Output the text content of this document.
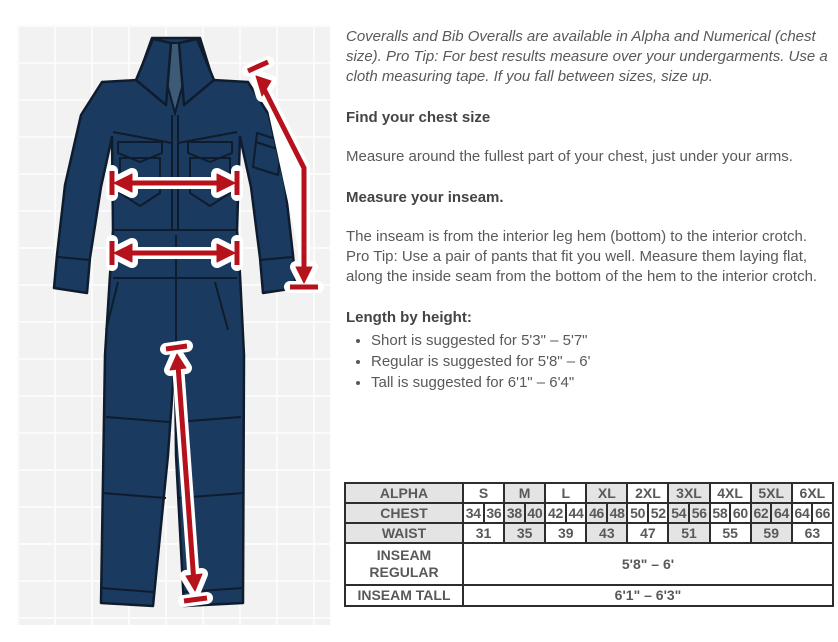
Coveralls and Bib Overalls are available in Alpha and Numerical (chest size). Pro Tip: For best results measure over your undergarments. Use a cloth measuring tape. If you fall between sizes, size up.

Find your chest size

Measure around the fullest part of your chest, just under your arms.

Measure your inseam.

The inseam is from the interior leg hem (bottom) to the interior crotch. Pro Tip: Use a pair of pants that fit you well. Measure them laying flat, along the inside seam from the bottom of the hem to the interior crotch.

Length by height:

• Short is suggested for 5'3" – 5'7"
• Regular is suggested for 5'8" – 6'
• Tall is suggested for 6'1" – 6'4"
ALPHA	S		M		L		XL		2XL		3XL		4XL		5XL		6XL	
CHEST	34	36	38	40	42	44	46	48	50	52	54	56	58	60	62	64	64	66
WAIST	31		35		39		43		47		51		55		59		63	
INSEAM REGULAR	5'8" – 6'																	
INSEAM TALL	6'1" – 6'3"																	
